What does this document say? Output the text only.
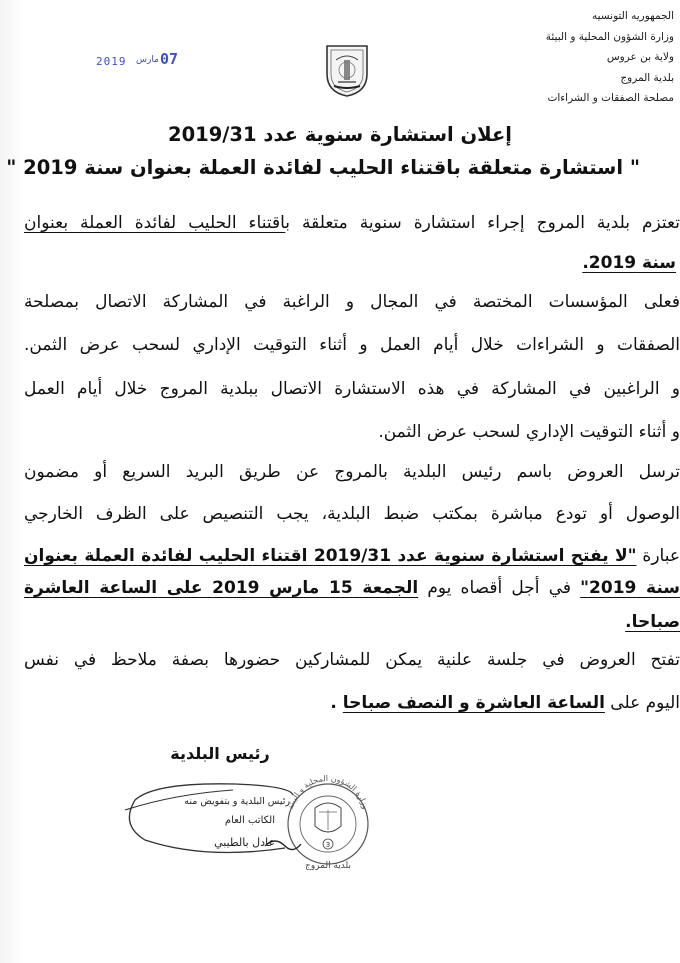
الجمهوريه التونسيه
وزارة الشؤون المحلية و البيئة
ولاية بن عروس
بلدية المروج
مصلحة الصفقات و الشراءات
2019 مارس 07
إعلان استشارة سنوية عدد 2019/31
" استشارة متعلقة باقتناء الحليب لفائدة العملة بعنوان سنة 2019 "
تعتزم بلدية المروج إجراء استشارة سنوية متعلقة باقتناء الحليب لفائدة العملة بعنوان
سنة 2019.
فعلى المؤسسات المختصة في المجال و الراغبة في المشاركة الاتصال بمصلحة
الصفقات و الشراءات خلال أيام العمل و أثناء التوقيت الإداري لسحب عرض الثمن.
و الراغبين في المشاركة في هذه الاستشارة الاتصال ببلدية المروج خلال أيام العمل
و أثناء التوقيت الإداري لسحب عرض الثمن.
ترسل العروض باسم رئيس البلدية بالمروج عن طريق البريد السريع أو مضمون
الوصول أو تودع مباشرة بمكتب ضبط البلدية، يجب التنصيص على الظرف الخارجي
عبارة "لا يفتح استشارة سنوية عدد 2019/31 اقتناء الحليب لفائدة العملة بعنوان
سنة 2019" في أجل أقصاه يوم الجمعة 15 مارس 2019 على الساعة العاشرة
صباحا.
تفتح العروض في جلسة علنية يمكن للمشاركين حضورها بصفة ملاحظ في نفس
اليوم على الساعة العاشرة و النصف صباحا .
رئيس البلدية
وزارة الشؤون المحلية و البيئة
3
بلدية المروج
رئيس البلدية و بتفويض منه
الكاتب العام
عادل بالطيبي
